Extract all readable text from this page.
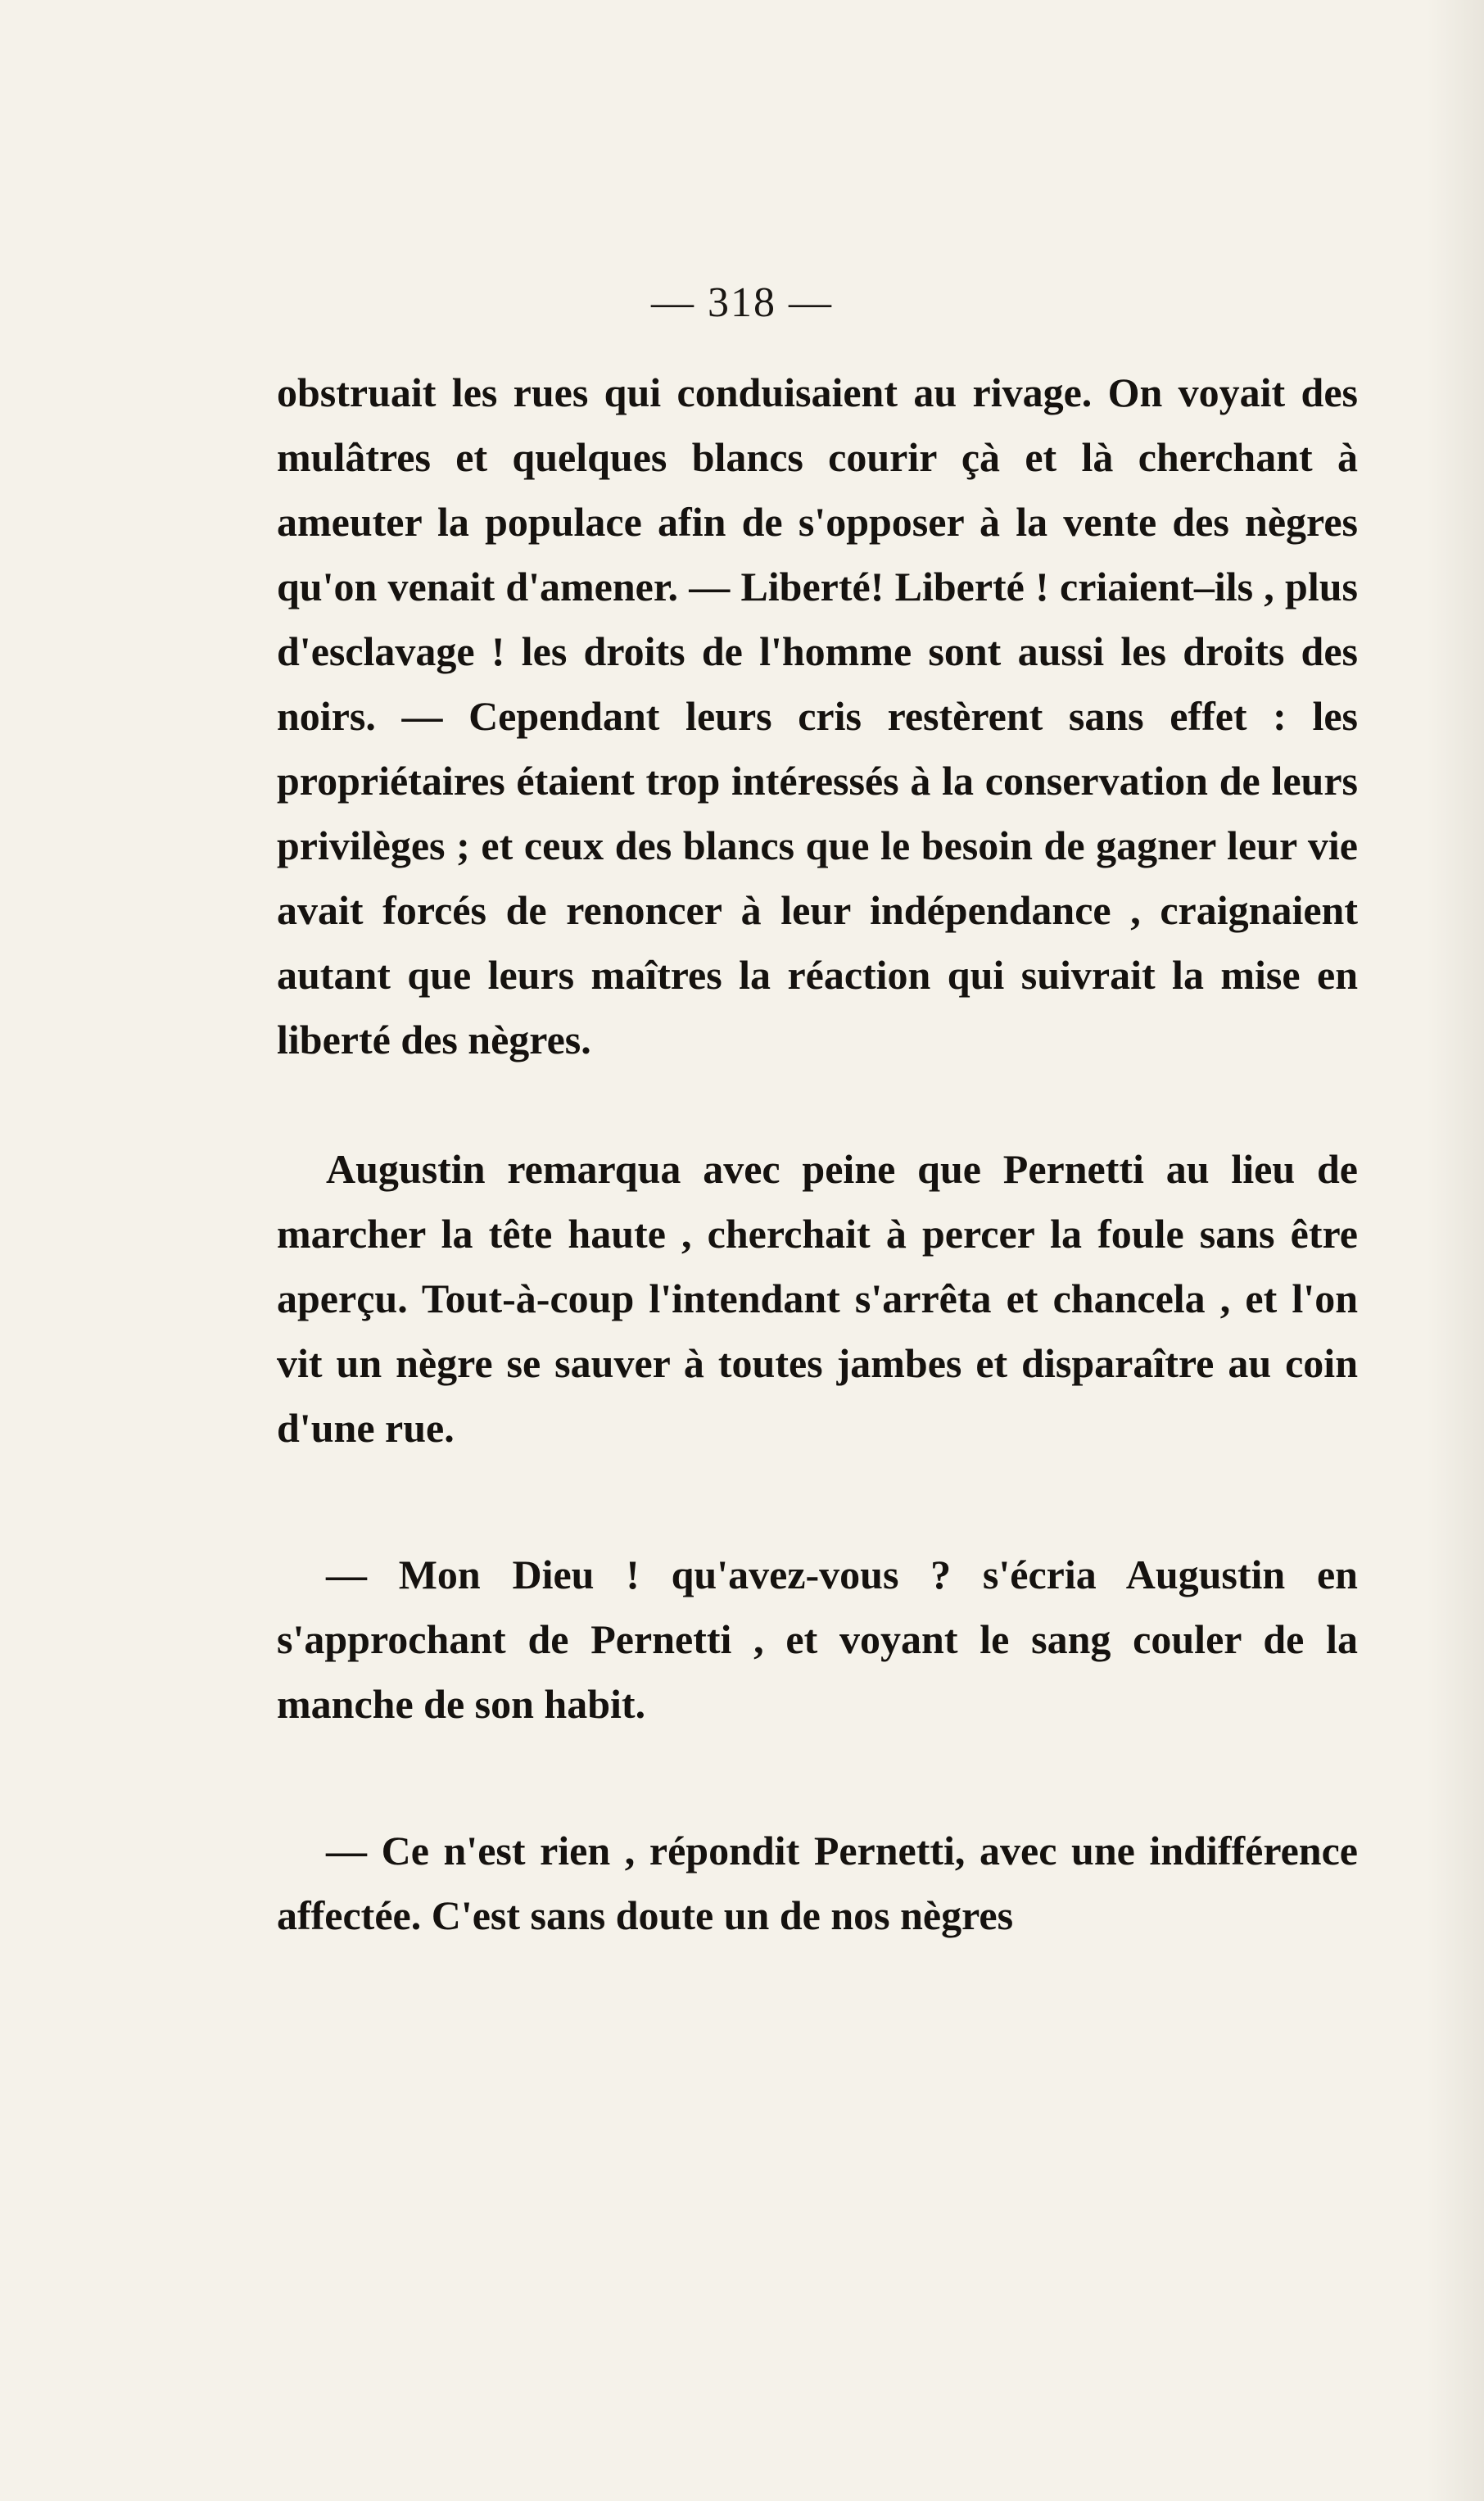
— 318 —

obstruait les rues qui conduisaient au rivage. On voyait des mulâtres et quelques blancs courir çà et là cherchant à ameuter la populace afin de s'opposer à la vente des nègres qu'on venait d'amener. — Liberté! Liberté ! criaient–ils , plus d'esclavage ! les droits de l'homme sont aussi les droits des noirs. — Cependant leurs cris restèrent sans effet : les propriétaires étaient trop intéressés à la conservation de leurs privilèges ; et ceux des blancs que le besoin de gagner leur vie avait forcés de renoncer à leur indépendance , craignaient autant que leurs maîtres la réaction qui suivrait la mise en liberté des nègres.

Augustin remarqua avec peine que Pernetti au lieu de marcher la tête haute , cherchait à percer la foule sans être aperçu. Tout-à-coup l'intendant s'arrêta et chancela , et l'on vit un nègre se sauver à toutes jambes et disparaître au coin d'une rue.

— Mon Dieu ! qu'avez-vous ? s'écria Augustin en s'approchant de Pernetti , et voyant le sang couler de la manche de son habit.

— Ce n'est rien , répondit Pernetti, avec une indifférence affectée. C'est sans doute un de nos nègres
